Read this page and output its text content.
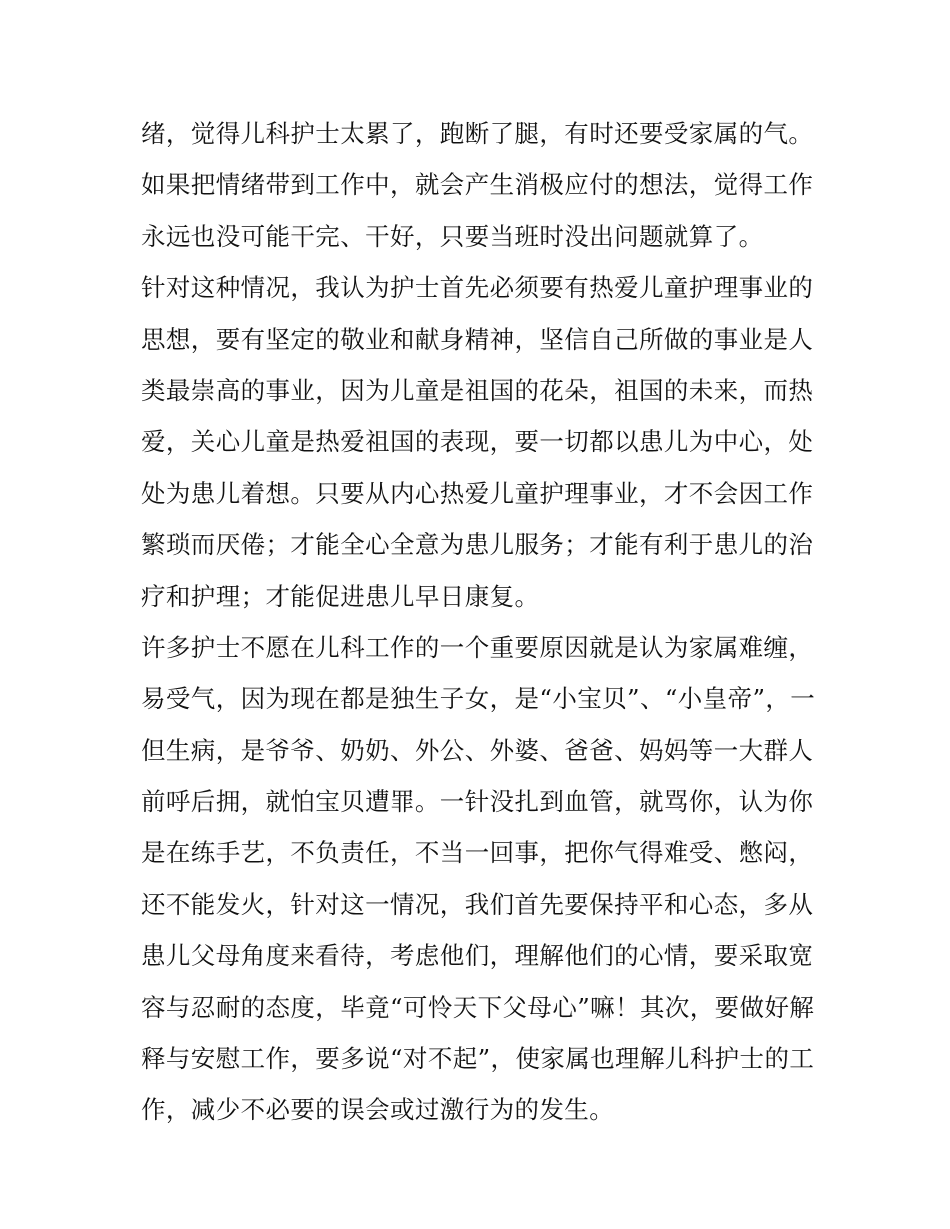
绪，觉得儿科护士太累了，跑断了腿，有时还要受家属的气。
如果把情绪带到工作中，就会产生消极应付的想法，觉得工作
永远也没可能干完、干好，只要当班时没出问题就算了。
针对这种情况，我认为护士首先必须要有热爱儿童护理事业的
思想，要有坚定的敬业和献身精神，坚信自己所做的事业是人
类最崇高的事业，因为儿童是祖国的花朵，祖国的未来，而热
爱，关心儿童是热爱祖国的表现，要一切都以患儿为中心，处
处为患儿着想。只要从内心热爱儿童护理事业，才不会因工作
繁琐而厌倦；才能全心全意为患儿服务；才能有利于患儿的治
疗和护理；才能促进患儿早日康复。
许多护士不愿在儿科工作的一个重要原因就是认为家属难缠，
易受气，因为现在都是独生子女，是“小宝贝”、“小皇帝”，一
但生病，是爷爷、奶奶、外公、外婆、爸爸、妈妈等一大群人
前呼后拥，就怕宝贝遭罪。一针没扎到血管，就骂你，认为你
是在练手艺，不负责任，不当一回事，把你气得难受、憋闷，
还不能发火，针对这一情况，我们首先要保持平和心态，多从
患儿父母角度来看待，考虑他们，理解他们的心情，要采取宽
容与忍耐的态度，毕竟“可怜天下父母心”嘛！其次，要做好解
释与安慰工作，要多说“对不起”，使家属也理解儿科护士的工
作，减少不必要的误会或过激行为的发生。
